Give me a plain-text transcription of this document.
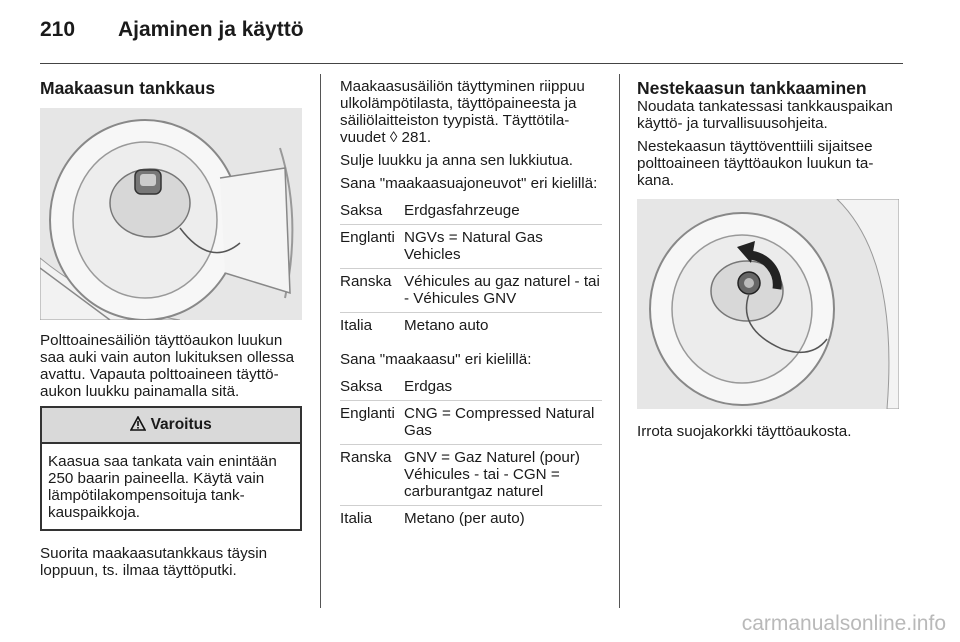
210 Ajaminen ja käyttö
Maakaasun tankkaus

Polttoainesäiliön täyttöaukon luukun saa auki vain auton lukituksen ollessa avattu. Vapauta polttoaineen täyttöaukon luukku painamalla sitä.

Varoitus
Kaasua saa tankata vain enintään 250 baarin paineella. Käytä vain lämpötilakompensoituja tankkauspaikkoja.

Suorita maakaasutankkaus täysin loppuun, ts. ilmaa täyttöputki.

Maakaasusäiliön täyttyminen riippuu ulkolämpötilasta, täyttöpaineesta ja säiliölaitteiston tyypistä. Täyttötilavuudet ◊ 281.

Sulje luukku ja anna sen lukkiutua.

Sana "maakaasuajoneuvot" eri kielillä:

Saksa	Erdgasfahrzeuge
Englanti NGVs = Natural Gas Vehicles
Ranska Véhicules au gaz naturel - tai - Véhicules GNV
Italia	Metano auto

Sana "maakaasu" eri kielillä:

Saksa	Erdgas
Englanti CNG = Compressed Natural Gas
Ranska GNV = Gaz Naturel (pour) Véhicules - tai - CGN = carburantgaz naturel
Italia	Metano (per auto)
Nestekaasun tankkaaminen

Noudata tankatessasi tankkauspaikan käyttö- ja turvallisuusohjeita.

Nestekaasun täyttöventtiili sijaitsee polttoaineen täyttöaukon luukun takana.

Irrota suojakorkki täyttöaukosta.

carmanualsonline.info
